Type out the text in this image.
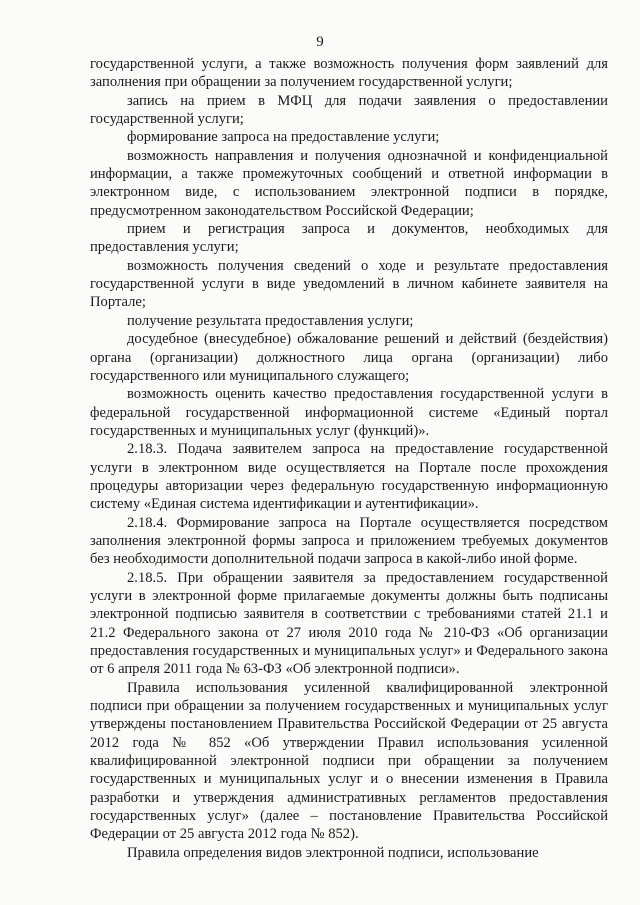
9

государственной услуги, а также возможность получения форм заявлений для заполнения при обращении за получением государственной услуги;

запись на прием в МФЦ для подачи заявления о предоставлении государственной услуги;

формирование запроса на предоставление услуги;

возможность направления и получения однозначной и конфиденциальной информации, а также промежуточных сообщений и ответной информации в электронном виде, с использованием электронной подписи в порядке, предусмотренном законодательством Российской Федерации;

прием и регистрация запроса и документов, необходимых для предоставления услуги;

возможность получения сведений о ходе и результате предоставления государственной услуги в виде уведомлений в личном кабинете заявителя на Портале;

получение результата предоставления услуги;

досудебное (внесудебное) обжалование решений и действий (бездействия) органа (организации) должностного лица органа (организации) либо государственного или муниципального служащего;

возможность оценить качество предоставления государственной услуги в федеральной государственной информационной системе «Единый портал государственных и муниципальных услуг (функций)».

2.18.3. Подача заявителем запроса на предоставление государственной услуги в электронном виде осуществляется на Портале после прохождения процедуры авторизации через федеральную государственную информационную систему «Единая система идентификации и аутентификации».

2.18.4. Формирование запроса на Портале осуществляется посредством заполнения электронной формы запроса и приложением требуемых документов без необходимости дополнительной подачи запроса в какой-либо иной форме.

2.18.5. При обращении заявителя за предоставлением государственной услуги в электронной форме прилагаемые документы должны быть подписаны электронной подписью заявителя в соответствии с требованиями статей 21.1 и 21.2 Федерального закона от 27 июля 2010 года № 210-ФЗ «Об организации предоставления государственных и муниципальных услуг» и Федерального закона от 6 апреля 2011 года № 63-ФЗ «Об электронной подписи».

Правила использования усиленной квалифицированной электронной подписи при обращении за получением государственных и муниципальных услуг утверждены постановлением Правительства Российской Федерации от 25 августа 2012 года № 852 «Об утверждении Правил использования усиленной квалифицированной электронной подписи при обращении за получением государственных и муниципальных услуг и о внесении изменения в Правила разработки и утверждения административных регламентов предоставления государственных услуг» (далее – постановление Правительства Российской Федерации от 25 августа 2012 года № 852).

Правила определения видов электронной подписи, использование
